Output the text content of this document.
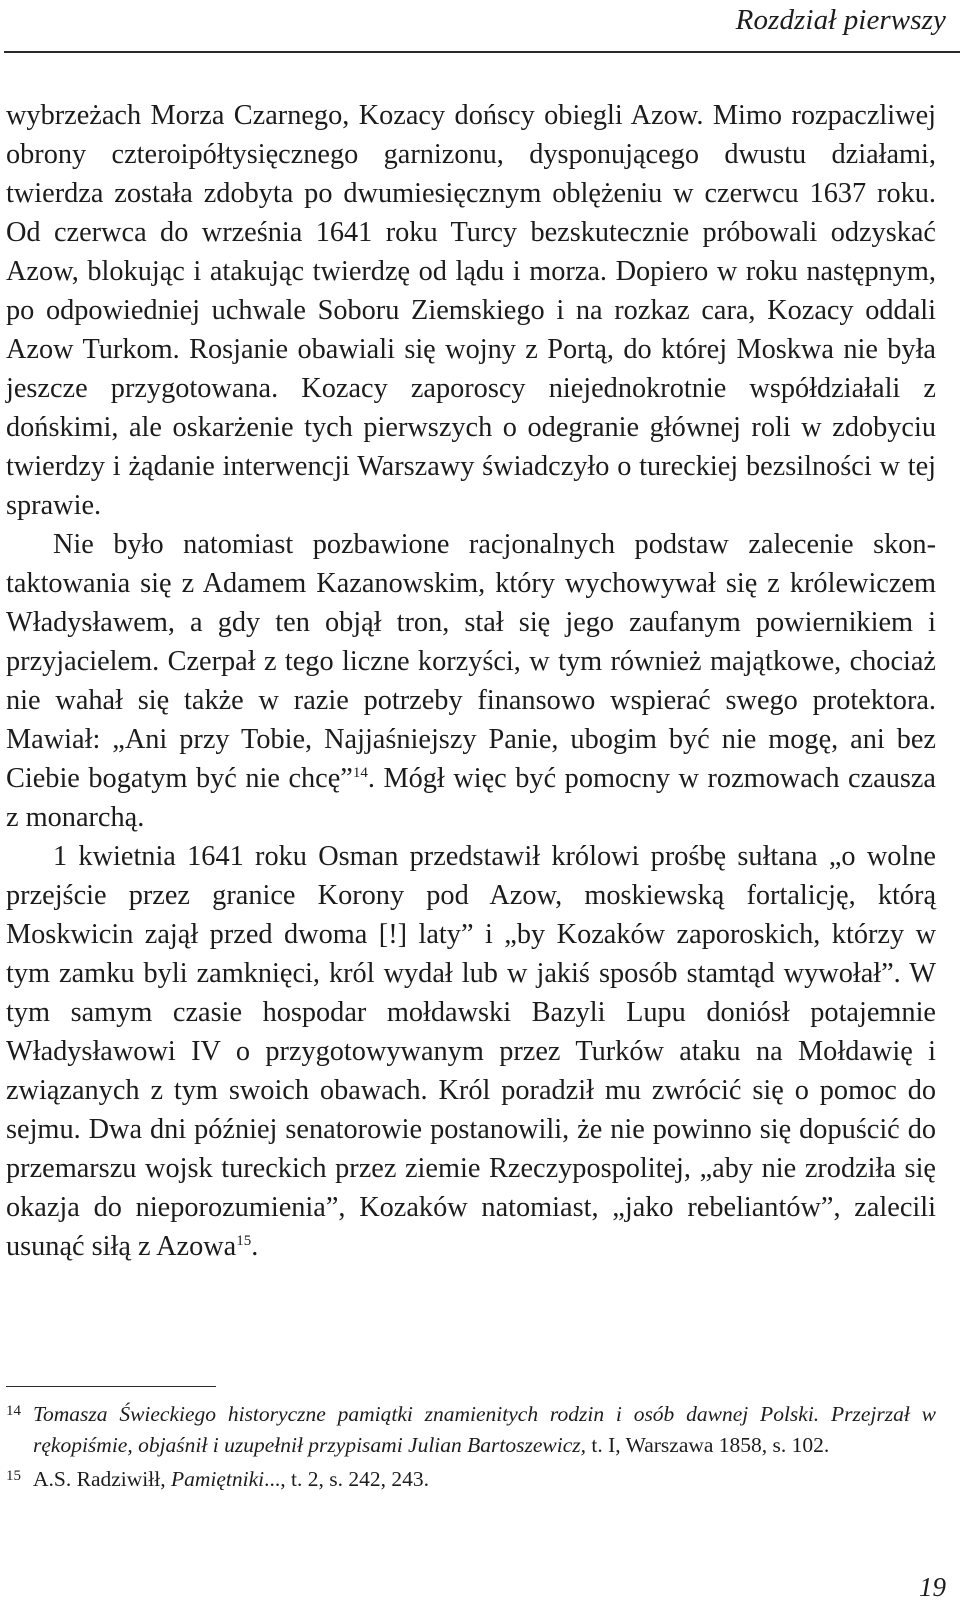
Rozdział pierwszy

wybrzeżach Morza Czarnego, Kozacy dońscy obiegli Azow. Mimo rozpaczliwej obrony czteroipółtysięcznego garnizonu, dysponującego dwustu działami, twierdza została zdobyta po dwumiesięcznym oblężeniu w czerwcu 1637 roku. Od czerwca do września 1641 roku Turcy bezskutecznie próbowali odzyskać Azow, blokując i atakując twierdzę od lądu i morza. Dopiero w roku następnym, po odpowiedniej uchwale Soboru Ziemskiego i na rozkaz cara, Kozacy oddali Azow Turkom. Rosjanie obawiali się wojny z Portą, do której Moskwa nie była jeszcze przygotowana. Kozacy zaporoscy niejednokrotnie współdziałali z dońskimi, ale oskarżenie tych pierwszych o odegranie głównej roli w zdobyciu twierdzy i żądanie interwencji Warszawy świadczyło o tureckiej bezsilności w tej sprawie.

Nie było natomiast pozbawione racjonalnych podstaw zalecenie skontaktowania się z Adamem Kazanowskim, który wychowywał się z królewiczem Władysławem, a gdy ten objął tron, stał się jego zaufanym powiernikiem i przyjacielem. Czerpał z tego liczne korzyści, w tym również majątkowe, chociaż nie wahał się także w razie potrzeby finansowo wspierać swego protektora. Mawiał: „Ani przy Tobie, Najjaśniejszy Panie, ubogim być nie mogę, ani bez Ciebie bogatym być nie chcę”$^{14}$. Mógł więc być pomocny w rozmowach czausza z monarchą.

1 kwietnia 1641 roku Osman przedstawił królowi prośbę sułtana „o wolne przejście przez granice Korony pod Azow, moskiewską fortalicję, którą Moskwicin zajął przed dwoma [!] laty” i „by Kozaków zaporoskich, którzy w tym zamku byli zamknięci, król wydał lub w jakiś sposób stamtąd wywołał”. W tym samym czasie hospodar mołdawski Bazyli Lupu doniósł potajemnie Władysławowi IV o przygotowywanym przez Turków ataku na Mołdawię i związanych z tym swoich obawach. Król poradził mu zwrócić się o pomoc do sejmu. Dwa dni później senatorowie postanowili, że nie powinno się dopuścić do przemarszu wojsk tureckich przez ziemie Rzeczypospolitej, „aby nie zrodziła się okazja do nieporozumienia”, Kozaków natomiast, „jako rebeliantów”, zalecili usunąć siłą z Azowa$^{15}$.

14 Tomasza Świeckiego historyczne pamiątki znamienitych rodzin i osób dawnej Polski. Przejrzał w rękopiśmie, objaśnił i uzupełnił przypisami Julian Bartoszewicz, t. I, Warszawa 1858, s. 102.

15 A.S. Radziwiłł, Pamiętniki..., t. 2, s. 242, 243.

19
